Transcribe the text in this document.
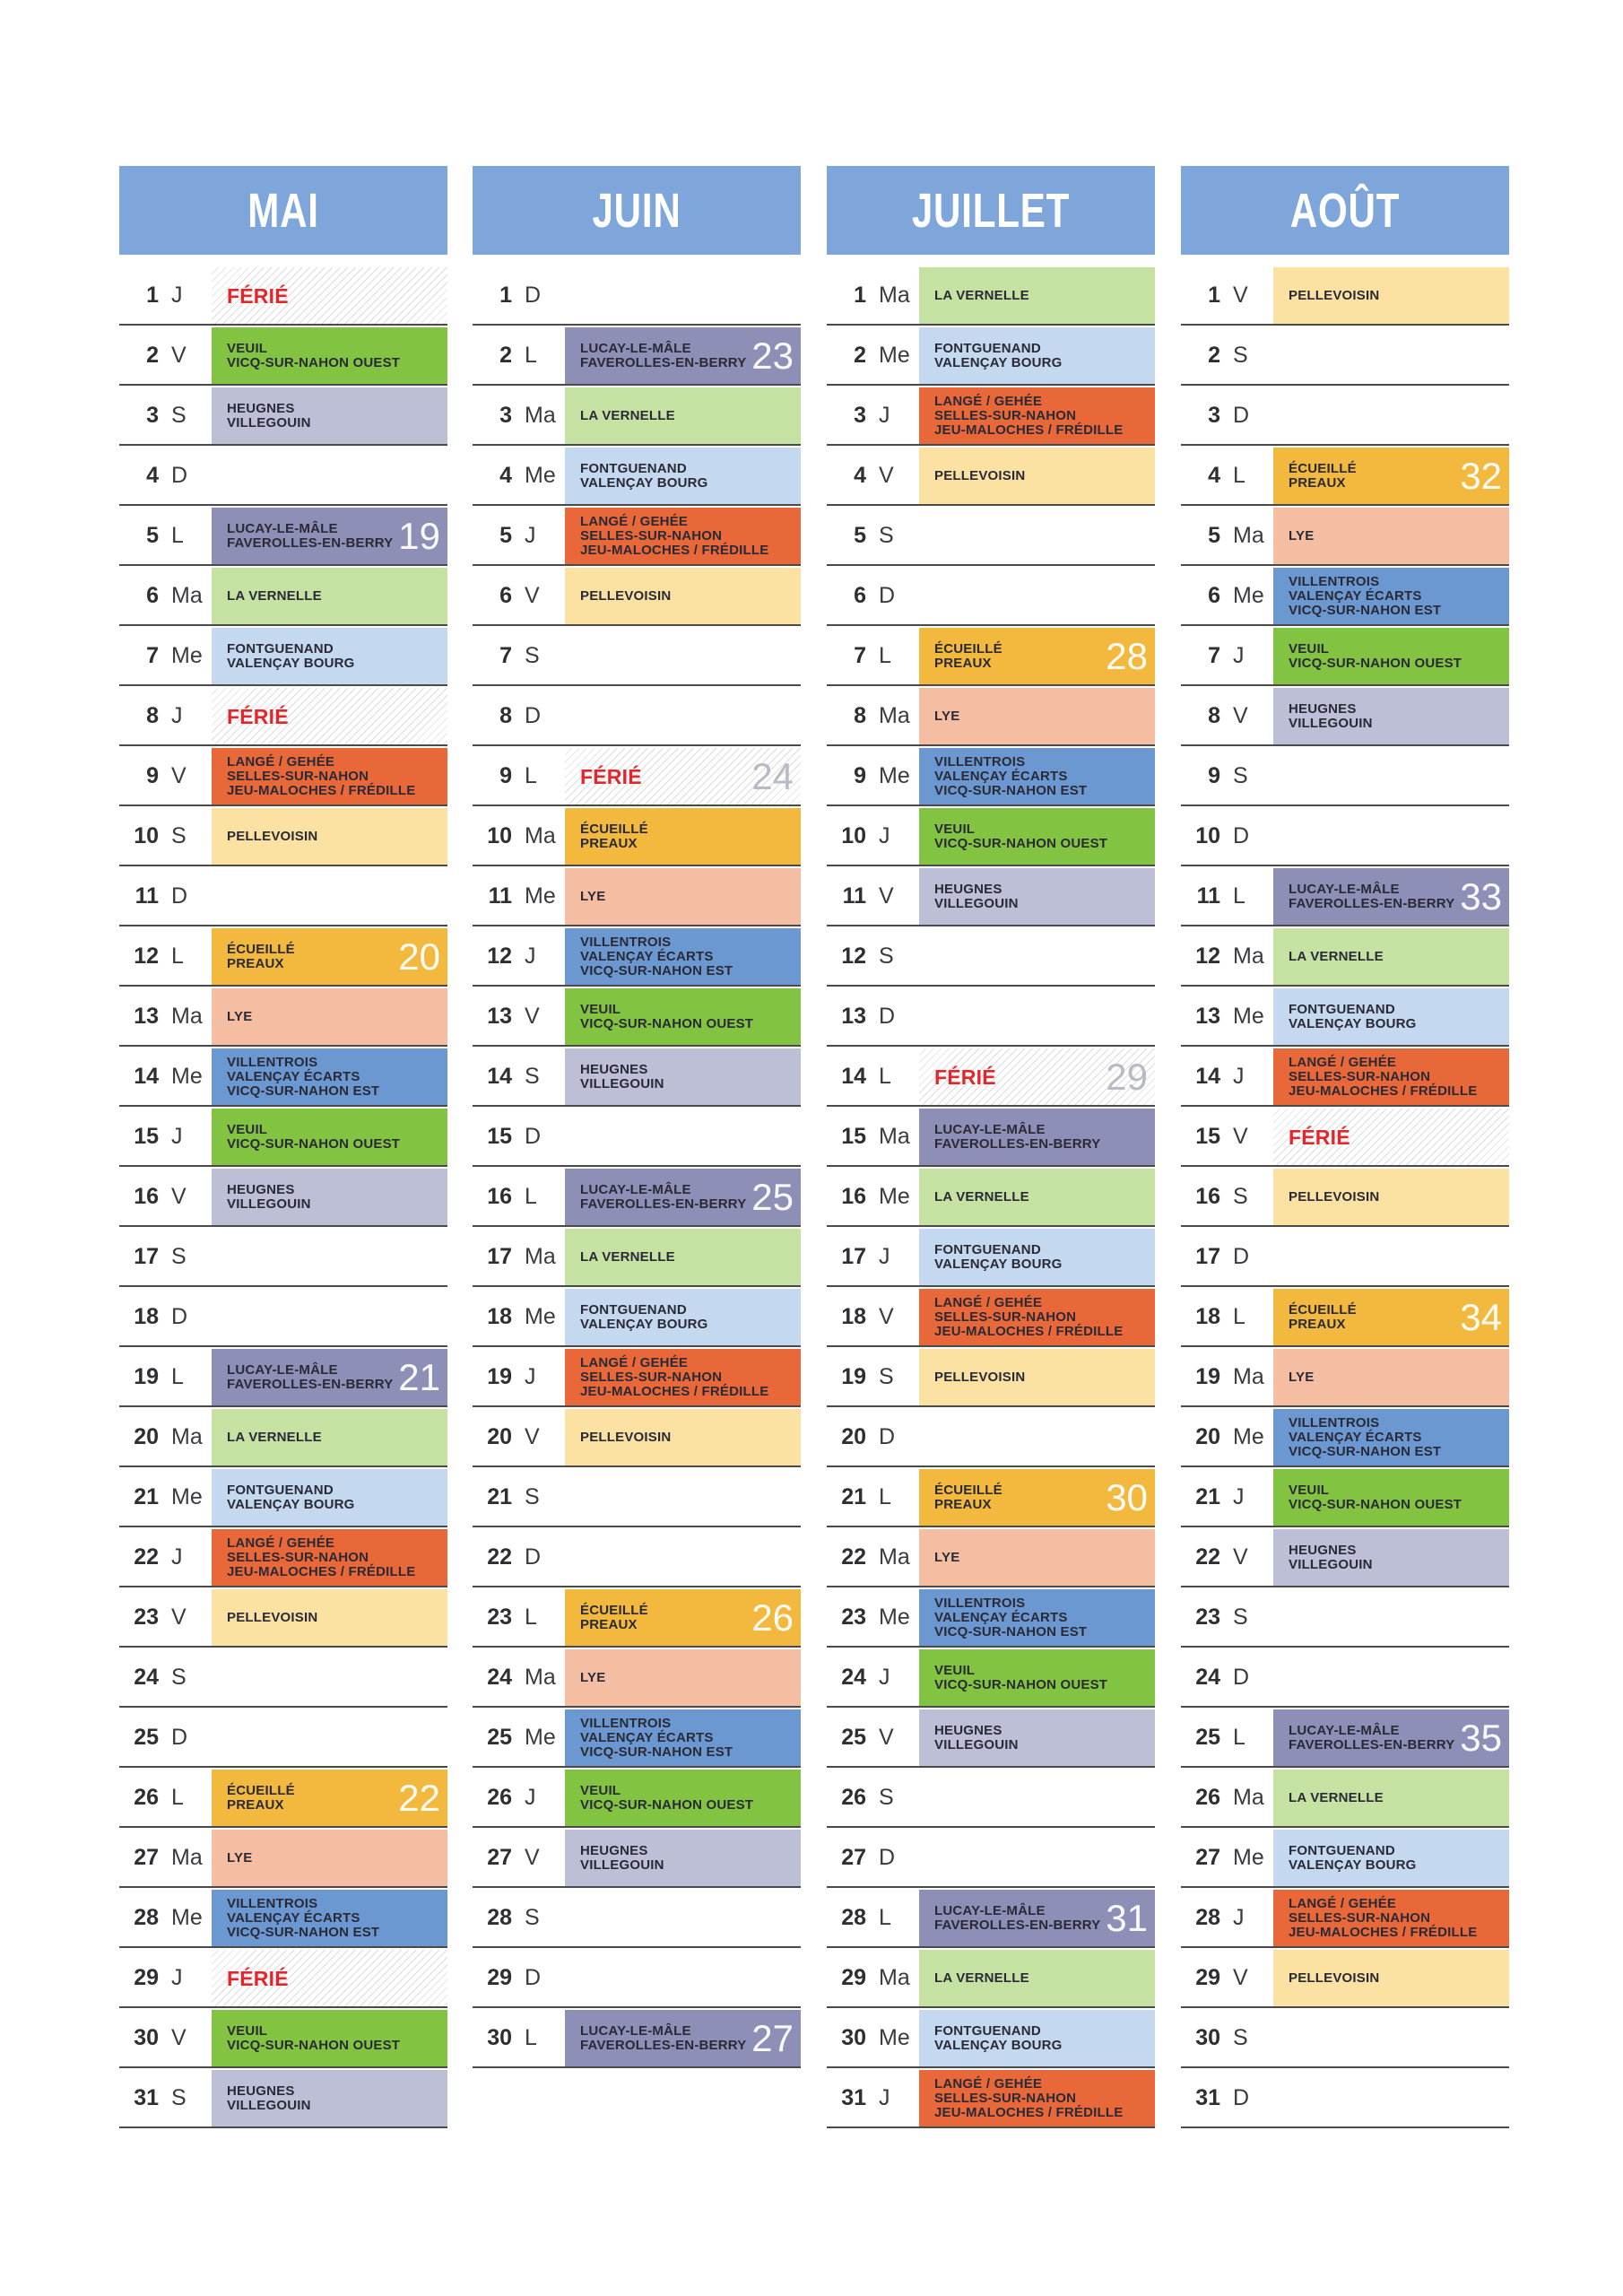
MAI
1 J FÉRIÉ
2 V	VEUIL
VICQ-SUR-NAHON OUEST
3 S	HEUGNES
VILLEGOUIN
4 D
5 L	LUCAY-LE-MÂLE
FAVEROLLES-EN-BERRY 19
6 Ma LA VERNELLE
7 Me FONTGUENAND
VALENÇAY BOURG
8 J FÉRIÉ
9 V
LANGÉ / GEHÉE
SELLES-SUR-NAHON
JEU-MALOCHES / FRÉDILLE
10 S	PELLEVOISIN
11 D
12 L	ÉCUEILLÉ
PREAUX	20
13 Ma LYE
14 Me
VILLENTROIS
VALENÇAY ÉCARTS
VICQ-SUR-NAHON EST
15 J	VEUIL
VICQ-SUR-NAHON OUEST
16 V	HEUGNES
VILLEGOUIN
17 S
18 D
19 L	LUCAY-LE-MÂLE
FAVEROLLES-EN-BERRY 21
20 Ma LA VERNELLE
21 Me FONTGUENAND
VALENÇAY BOURG
22 J
LANGÉ / GEHÉE
SELLES-SUR-NAHON
JEU-MALOCHES / FRÉDILLE
23 V	PELLEVOISIN
24 S
25 D
26 L	ÉCUEILLÉ
PREAUX	22
27 Ma LYE
28 Me
VILLENTROIS
VALENÇAY ÉCARTS
VICQ-SUR-NAHON EST
29 J FÉRIÉ
30 V	VEUIL
VICQ-SUR-NAHON OUEST
31 S	HEUGNES
VILLEGOUIN
JUIN
1 D
2 L	LUCAY-LE-MÂLE
FAVEROLLES-EN-BERRY 23
3 Ma LA VERNELLE
4 Me FONTGUENAND
VALENÇAY BOURG
5 J
LANGÉ / GEHÉE
SELLES-SUR-NAHON
JEU-MALOCHES / FRÉDILLE
6 V	PELLEVOISIN
7 S
8 D
9 L FÉRIÉ	24
10 Ma ÉCUEILLÉ
PREAUX
11 Me LYE
12 J
VILLENTROIS
VALENÇAY ÉCARTS
VICQ-SUR-NAHON EST
13 V	VEUIL
VICQ-SUR-NAHON OUEST
14 S	HEUGNES
VILLEGOUIN
15 D
16 L	LUCAY-LE-MÂLE
FAVEROLLES-EN-BERRY 25
17 Ma LA VERNELLE
18 Me FONTGUENAND
VALENÇAY BOURG
19 J
LANGÉ / GEHÉE
SELLES-SUR-NAHON
JEU-MALOCHES / FRÉDILLE
20 V	PELLEVOISIN
21 S
22 D
23 L	ÉCUEILLÉ
PREAUX	26
24 Ma LYE
25 Me
VILLENTROIS
VALENÇAY ÉCARTS
VICQ-SUR-NAHON EST
26 J	VEUIL
VICQ-SUR-NAHON OUEST
27 V	HEUGNES
VILLEGOUIN
28 S
29 D
30 L	LUCAY-LE-MÂLE
FAVEROLLES-EN-BERRY 27
JUILLET
1 Ma LA VERNELLE
2 Me FONTGUENAND
VALENÇAY BOURG
3 J
LANGÉ / GEHÉE
SELLES-SUR-NAHON
JEU-MALOCHES / FRÉDILLE
4 V	PELLEVOISIN
5 S
6 D
7 L	ÉCUEILLÉ
PREAUX	28
8 Ma LYE
9 Me
VILLENTROIS
VALENÇAY ÉCARTS
VICQ-SUR-NAHON EST
10 J	VEUIL
VICQ-SUR-NAHON OUEST
11 V	HEUGNES
VILLEGOUIN
12 S
13 D
14 L FÉRIÉ	29
15 Ma LUCAY-LE-MÂLE
FAVEROLLES-EN-BERRY
16 Me LA VERNELLE
17 J	FONTGUENAND
VALENÇAY BOURG
18 V
LANGÉ / GEHÉE
SELLES-SUR-NAHON
JEU-MALOCHES / FRÉDILLE
19 S	PELLEVOISIN
20 D
21 L	ÉCUEILLÉ
PREAUX	30
22 Ma LYE
23 Me
VILLENTROIS
VALENÇAY ÉCARTS
VICQ-SUR-NAHON EST
24 J	VEUIL
VICQ-SUR-NAHON OUEST
25 V	HEUGNES
VILLEGOUIN
26 S
27 D
28 L	LUCAY-LE-MÂLE
FAVEROLLES-EN-BERRY 31
29 Ma LA VERNELLE
30 Me FONTGUENAND
VALENÇAY BOURG
31 J
LANGÉ / GEHÉE
SELLES-SUR-NAHON
JEU-MALOCHES / FRÉDILLE
AOÛT
1 V	PELLEVOISIN
2 S
3 D
4 L	ÉCUEILLÉ
PREAUX	32
5 Ma LYE
6 Me
VILLENTROIS
VALENÇAY ÉCARTS
VICQ-SUR-NAHON EST
7 J	VEUIL
VICQ-SUR-NAHON OUEST
8 V	HEUGNES
VILLEGOUIN
9 S
10 D
11 L	LUCAY-LE-MÂLE
FAVEROLLES-EN-BERRY 33
12 Ma LA VERNELLE
13 Me FONTGUENAND
VALENÇAY BOURG
14 J
LANGÉ / GEHÉE
SELLES-SUR-NAHON
JEU-MALOCHES / FRÉDILLE
15 V FÉRIÉ
16 S	PELLEVOISIN
17 D
18 L	ÉCUEILLÉ
PREAUX	34
19 Ma LYE
20 Me
VILLENTROIS
VALENÇAY ÉCARTS
VICQ-SUR-NAHON EST
21 J	VEUIL
VICQ-SUR-NAHON OUEST
22 V	HEUGNES
VILLEGOUIN
23 S
24 D
25 L	LUCAY-LE-MÂLE
FAVEROLLES-EN-BERRY 35
26 Ma LA VERNELLE
27 Me FONTGUENAND
VALENÇAY BOURG
28 J
LANGÉ / GEHÉE
SELLES-SUR-NAHON
JEU-MALOCHES / FRÉDILLE
29 V	PELLEVOISIN
30 S
31 D
